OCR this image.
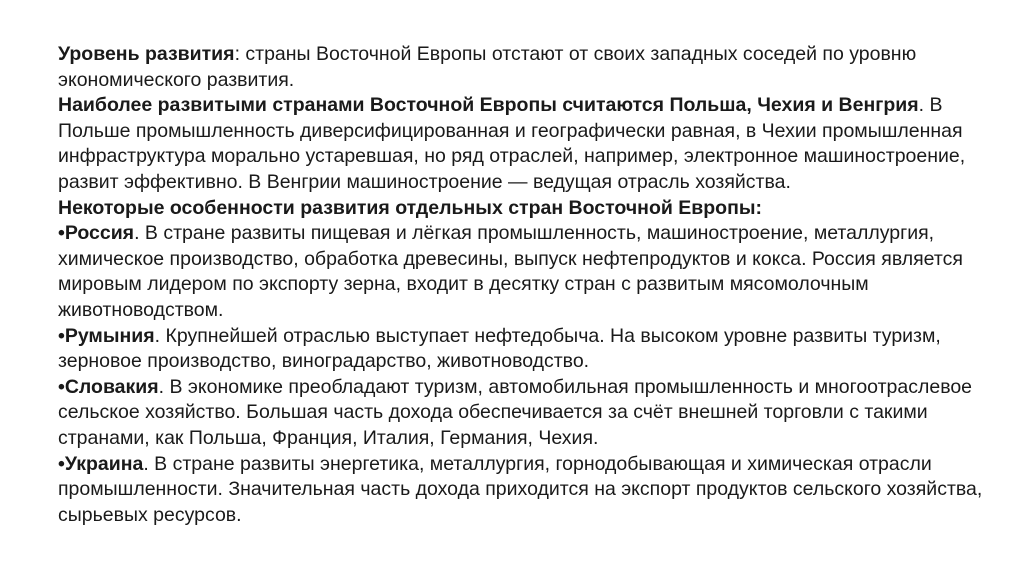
Уровень развития: страны Восточной Европы отстают от своих западных соседей по уровню экономического развития.

Наиболее развитыми странами Восточной Европы считаются Польша, Чехия и Венгрия. В Польше промышленность диверсифицированная и географически равная, в Чехии промышленная инфраструктура морально устаревшая, но ряд отраслей, например, электронное машиностроение, развит эффективно. В Венгрии машиностроение — ведущая отрасль хозяйства.

Некоторые особенности развития отдельных стран Восточной Европы:

•Россия. В стране развиты пищевая и лёгкая промышленность, машиностроение, металлургия, химическое производство, обработка древесины, выпуск нефтепродуктов и кокса. Россия является мировым лидером по экспорту зерна, входит в десятку стран с развитым мясомолочным животноводством.

•Румыния. Крупнейшей отраслью выступает нефтедобыча. На высоком уровне развиты туризм, зерновое производство, виноградарство, животноводство.

•Словакия. В экономике преобладают туризм, автомобильная промышленность и многоотраслевое сельское хозяйство. Большая часть дохода обеспечивается за счёт внешней торговли с такими странами, как Польша, Франция, Италия, Германия, Чехия.

•Украина. В стране развиты энергетика, металлургия, горнодобывающая и химическая отрасли промышленности. Значительная часть дохода приходится на экспорт продуктов сельского хозяйства, сырьевых ресурсов.
